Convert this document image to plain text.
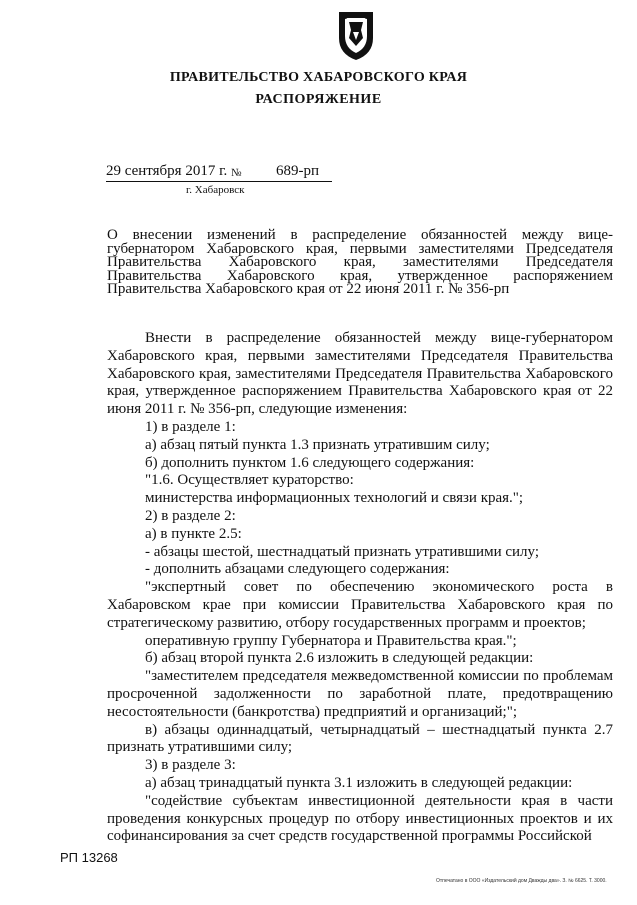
ПРАВИТЕЛЬСТВО ХАБАРОВСКОГО КРАЯ
РАСПОРЯЖЕНИЕ
29 сентября 2017 г. № 689-рп
г. Хабаровск
О внесении изменений в распределение обязанностей между вице-губернатором Хабаровского края, первыми заместителями Председателя Правительства Хабаровского края, заместителями Председателя Правительства Хабаровского края, утвержденное распоряжением Правительства Хабаровского края от 22 июня 2011 г. № 356-рп

Внести в распределение обязанностей между вице-губернатором Хабаровского края, первыми заместителями Председателя Правительства Хабаровского края, заместителями Председателя Правительства Хабаровского края, утвержденное распоряжением Правительства Хабаровского края от 22 июня 2011 г. № 356-рп, следующие изменения:

1) в разделе 1:

а) абзац пятый пункта 1.3 признать утратившим силу;

б) дополнить пунктом 1.6 следующего содержания:

"1.6. Осуществляет кураторство:

министерства информационных технологий и связи края.";

2) в разделе 2:

а) в пункте 2.5:

- абзацы шестой, шестнадцатый признать утратившими силу;

- дополнить абзацами следующего содержания:

"экспертный совет по обеспечению экономического роста в Хабаровском крае при комиссии Правительства Хабаровского края по стратегическому развитию, отбору государственных программ и проектов;

оперативную группу Губернатора и Правительства края.";

б) абзац второй пункта 2.6 изложить в следующей редакции:

"заместителем председателя межведомственной комиссии по проблемам просроченной задолженности по заработной плате, предотвращению несостоятельности (банкротства) предприятий и организаций;";

в) абзацы одиннадцатый, четырнадцатый – шестнадцатый пункта 2.7 признать утратившими силу;

3) в разделе 3:

а) абзац тринадцатый пункта 3.1 изложить в следующей редакции:

"содействие субъектам инвестиционной деятельности края в части проведения конкурсных процедур по отбору инвестиционных проектов и их софинансирования за счет средств государственной программы Российской

РП 13268
Отпечатано в ООО «Издательский дом Дважды два». З. № 6625. Т. 3000.
